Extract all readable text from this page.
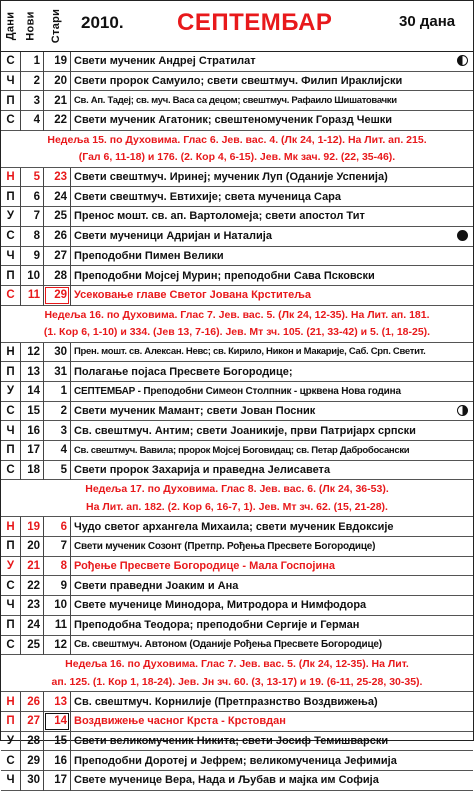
Дани Нови Стари 2010. СЕПТЕМБАР	30 дана
С	1	19 Свети мученик Андреј Стратилат
Ч	2	20 Свети пророк Самуило; свети свештмуч. Филип Ираклијски
П	3	21 Св. Ап. Тадеј; св. муч. Васа са децом; свештмуч. Рафаило Шишатовачки
С	4	22 Свети мученик Агатоник; свештеномученик Горазд Чешки
Недеља 15. по Духовима. Глас 6. Јев. вас. 4. (Лк 24, 1-12). На Лит. ап. 215.
(Гал 6, 11-18) и 176. (2. Кор 4, 6-15). Јев. Мк зач. 92. (22, 35-46).
Н	5	23 Свети свештмуч. Иринеј; мученик Луп (Оданије Успенија)
П	6	24 Свети свештмуч. Евтихије; света мученица Сара
У	7	25 Пренос мошт. св. ап. Вартоломеја; свети апостол Тит
С	8	26 Свети мученици Адријан и Наталија
Ч	9	27 Преподобни Пимен Велики
П	10	28 Преподобни Мојсеј Мурин; преподобни Сава Псковски
С	11	29 Усековање главе Светог Јована Крститеља
Недеља 16. по Духовима. Глас 7. Јев. вас. 5. (Лк 24, 12-35). На Лит. ап. 181.
(1. Кор 6, 1-10) и 334. (Јев 13, 7-16). Јев. Мт зч. 105. (21, 33-42) и 5. (1, 18-25).
Н	12	30 Прен. мошт. св. Алексан. Невс; св. Кирило, Никон и Макарије, Саб. Срп. Светит.
П	13	31 Полагање појаса Пресвете Богородице;
У	14	1 СЕПТЕМБАР - Преподобни Симеон Столпник - црквена Нова година
С	15	2 Свети мученик Мамант; свети Јован Посник
Ч	16	3 Св. свештмуч. Антим; свети Јоаникије, први Патријарх српски
П	17	4 Св. свештмуч. Вавила; пророк Мојсеј Боговидац; св. Петар Дабробосански
С	18	5 Свети пророк Захарија и праведна Јелисавета
Недеља 17. по Духовима. Глас 8. Јев. вас. 6. (Лк 24, 36-53).
На Лит. ап. 182. (2. Кор 6, 16-7, 1). Јев. Мт зч. 62. (15, 21-28).
Н	19	6 Чудо светог архангела Михаила; свети мученик Евдоксије
П	20	7 Свети мученик Созонт (Претпр. Рођења Пресвете Богородице)
У	21	8 Рођење Пресвете Богородице - Мала Госпојина
С	22	9 Свети праведни Јоаким и Ана
Ч	23	10 Свете мученице Минодора, Митродора и Нимфодора
П	24	11 Преподобна Теодора; преподобни Сергије и Герман
С	25	12 Св. свештмуч. Автоном (Оданије Рођења Пресвете Богородице)
Недеља 16. по Духовима. Глас 7. Јев. вас. 5. (Лк 24, 12-35). На Лит.
ап. 125. (1. Кор 1, 18-24). Јев. Јн зч. 60. (3, 13-17) и 19. (6-11, 25-28, 30-35).
Н	26	13 Св. свештмуч. Корнилије (Претпразнство Воздвижења)
П	27	14 Воздвижење часног Крста - Крстовдан
У	28	15 Свети великомученик Никита; свети Јосиф Темишварски
С	29	16 Преподобни Доротеј и Јефрем; великомученица Јефимија
Ч	30	17 Свете мученице Вера, Нада и Љубав и мајка им Софија
